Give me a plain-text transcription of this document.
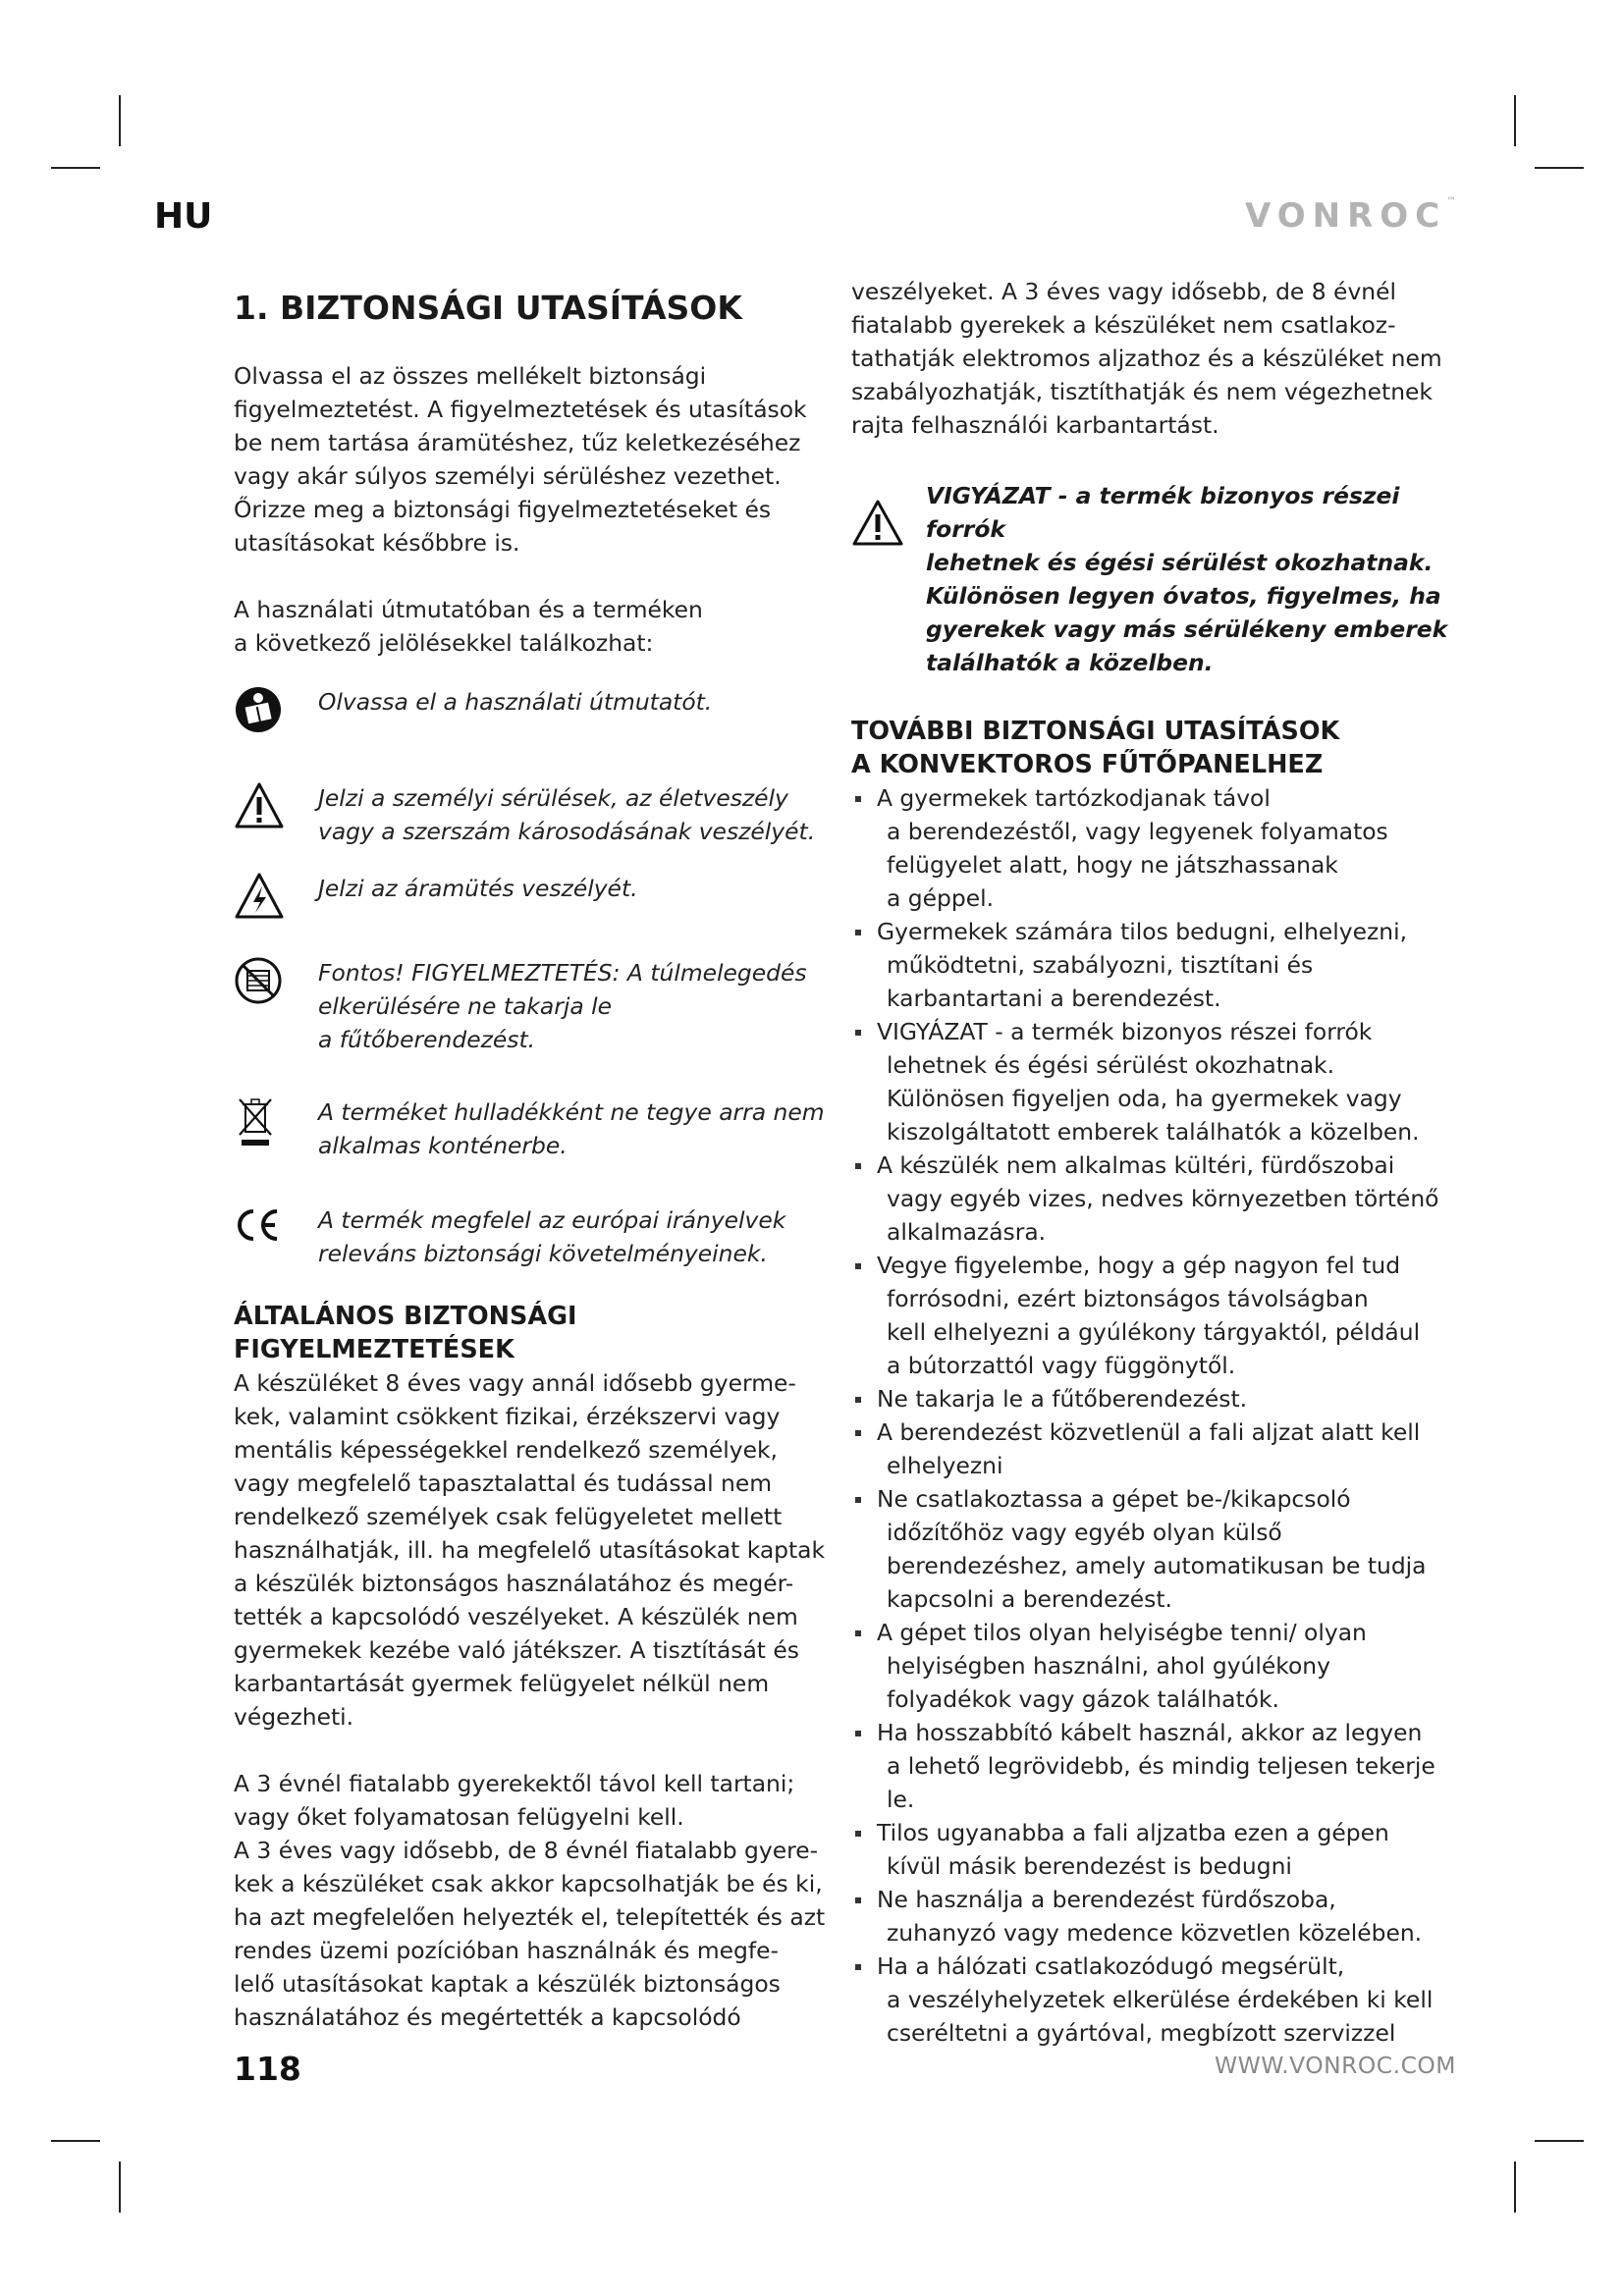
HU	VONROC™
1. BIZTONSÁGI UTASÍTÁSOK
Olvassa el az összes mellékelt biztonsági
figyelmeztetést. A figyelmeztetések és utasítások
be nem tartása áramütéshez, tűz keletkezéséhez
vagy akár súlyos személyi sérüléshez vezethet.
Őrizze meg a biztonsági figyelmeztetéseket és
utasításokat későbbre is.
A használati útmutatóban és a terméken
a következő jelölésekkel találkozhat:
Olvassa el a használati útmutatót.
Jelzi a személyi sérülések, az életveszély
vagy a szerszám károsodásának veszélyét.
Jelzi az áramütés veszélyét.
Fontos! FIGYELMEZTETÉS: A túlmelegedés
elkerülésére ne takarja le
a fűtőberendezést.
A terméket hulladékként ne tegye arra nem
alkalmas konténerbe.
A termék megfelel az európai irányelvek
releváns biztonsági követelményeinek.
ÁLTALÁNOS BIZTONSÁGI
FIGYELMEZTETÉSEK
A készüléket 8 éves vagy annál idősebb gyerme-
kek, valamint csökkent fizikai, érzékszervi vagy
mentális képességekkel rendelkező személyek,
vagy megfelelő tapasztalattal és tudással nem
rendelkező személyek csak felügyeletet mellett
használhatják, ill. ha megfelelő utasításokat kaptak
a készülék biztonságos használatához és megér-
tették a kapcsolódó veszélyeket. A készülék nem
gyermekek kezébe való játékszer. A tisztítását és
karbantartását gyermek felügyelet nélkül nem
végezheti.
A 3 évnél fiatalabb gyerekektől távol kell tartani;
vagy őket folyamatosan felügyelni kell.
A 3 éves vagy idősebb, de 8 évnél fiatalabb gyere-
kek a készüléket csak akkor kapcsolhatják be és ki,
ha azt megfelelően helyezték el, telepítették és azt
rendes üzemi pozícióban használnák és megfe-
lelő utasításokat kaptak a készülék biztonságos
használatához és megértették a kapcsolódó
veszélyeket. A 3 éves vagy idősebb, de 8 évnél
fiatalabb gyerekek a készüléket nem csatlakoz-
tathatják elektromos aljzathoz és a készüléket nem
szabályozhatják, tisztíthatják és nem végezhetnek
rajta felhasználói karbantartást.
VIGYÁZAT - a termék bizonyos részei forrók
lehetnek és égési sérülést okozhatnak.
Különösen legyen óvatos, figyelmes, ha
gyerekek vagy más sérülékeny emberek
találhatók a közelben.
TOVÁBBI BIZTONSÁGI UTASÍTÁSOK
A KONVEKTOROS FŰTŐPANELHEZ
A gyermekek tartózkodjanak távol
a berendezéstől, vagy legyenek folyamatos
felügyelet alatt, hogy ne játszhassanak
a géppel.
Gyermekek számára tilos bedugni, elhelyezni,
működtetni, szabályozni, tisztítani és
karbantartani a berendezést.
VIGYÁZAT - a termék bizonyos részei forrók
lehetnek és égési sérülést okozhatnak.
Különösen figyeljen oda, ha gyermekek vagy
kiszolgáltatott emberek találhatók a közelben.
A készülék nem alkalmas kültéri, fürdőszobai
vagy egyéb vizes, nedves környezetben történő
alkalmazásra.
Vegye figyelembe, hogy a gép nagyon fel tud
forrósodni, ezért biztonságos távolságban
kell elhelyezni a gyúlékony tárgyaktól, például
a bútorzattól vagy függönytől.
Ne takarja le a fűtőberendezést.
A berendezést közvetlenül a fali aljzat alatt kell
elhelyezni
Ne csatlakoztassa a gépet be-/kikapcsoló
időzítőhöz vagy egyéb olyan külső
berendezéshez, amely automatikusan be tudja
kapcsolni a berendezést.
A gépet tilos olyan helyiségbe tenni/ olyan
helyiségben használni, ahol gyúlékony
folyadékok vagy gázok találhatók.
Ha hosszabbító kábelt használ, akkor az legyen
a lehető legrövidebb, és mindig teljesen tekerje le.
Tilos ugyanabba a fali aljzatba ezen a gépen
kívül másik berendezést is bedugni
Ne használja a berendezést fürdőszoba,
zuhanyzó vagy medence közvetlen közelében.
Ha a hálózati csatlakozódugó megsérült,
a veszélyhelyzetek elkerülése érdekében ki kell
cseréltetni a gyártóval, megbízott szervizzel
118	WWW.VONROC.COM
